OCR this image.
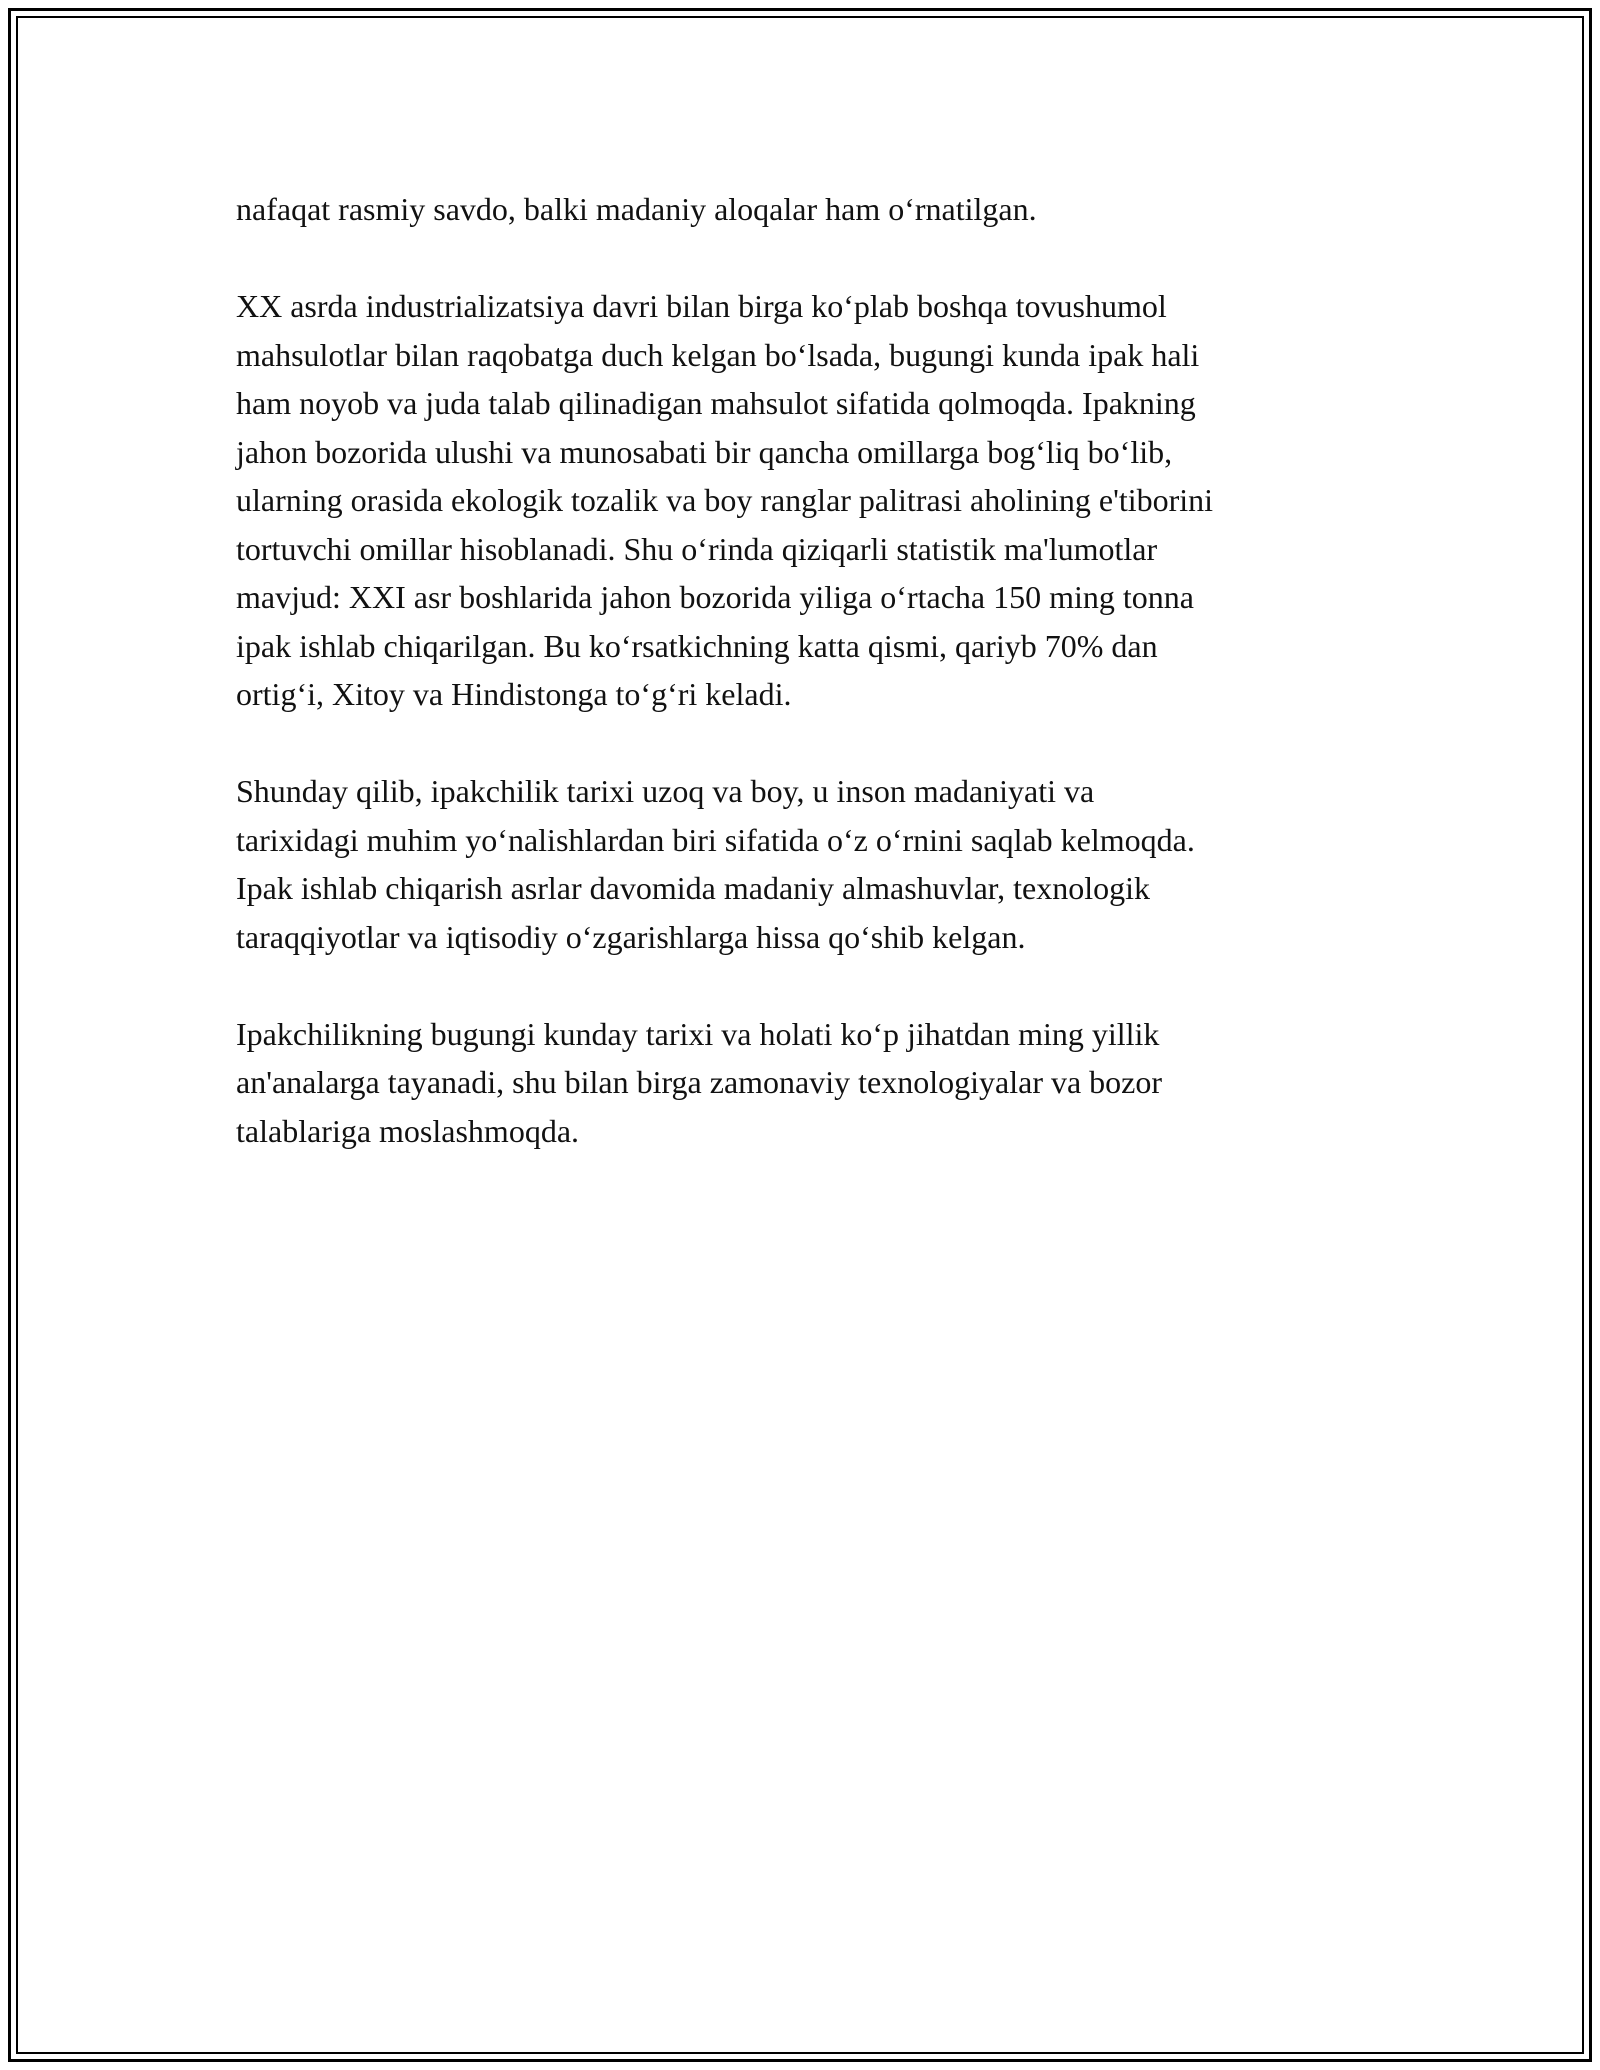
nafaqat rasmiy savdo, balki madaniy aloqalar ham o‘rnatilgan.

XX asrda industrializatsiya davri bilan birga ko‘plab boshqa tovushumol
mahsulotlar bilan raqobatga duch kelgan bo‘lsada, bugungi kunda ipak hali
ham noyob va juda talab qilinadigan mahsulot sifatida qolmoqda. Ipakning
jahon bozorida ulushi va munosabati bir qancha omillarga bog‘liq bo‘lib,
ularning orasida ekologik tozalik va boy ranglar palitrasi aholining e'tiborini
tortuvchi omillar hisoblanadi. Shu o‘rinda qiziqarli statistik ma'lumotlar
mavjud: XXI asr boshlarida jahon bozorida yiliga o‘rtacha 150 ming tonna
ipak ishlab chiqarilgan. Bu ko‘rsatkichning katta qismi, qariyb 70% dan
ortig‘i, Xitoy va Hindistonga to‘g‘ri keladi.

Shunday qilib, ipakchilik tarixi uzoq va boy, u inson madaniyati va
tarixidagi muhim yo‘nalishlardan biri sifatida o‘z o‘rnini saqlab kelmoqda.
Ipak ishlab chiqarish asrlar davomida madaniy almashuvlar, texnologik
taraqqiyotlar va iqtisodiy o‘zgarishlarga hissa qo‘shib kelgan.

Ipakchilikning bugungi kunday tarixi va holati ko‘p jihatdan ming yillik
an'analarga tayanadi, shu bilan birga zamonaviy texnologiyalar va bozor
talablariga moslashmoqda.
